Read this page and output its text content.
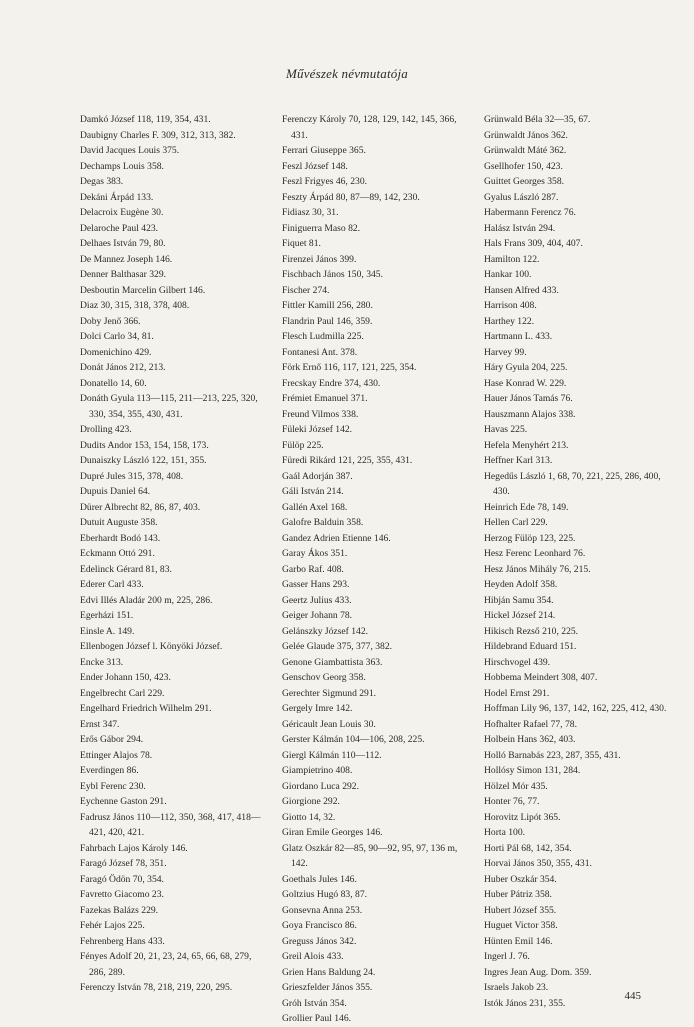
Művészek névmutatója
Damkó József 118, 119, 354, 431.
Daubigny Charles F. 309, 312, 313, 382.
David Jacques Louis 375.
Dechamps Louis 358.
Degas 383.
Dekáni Árpád 133.
Delacroix Eugène 30.
Delaroche Paul 423.
Delhaes István 79, 80.
De Mannez Joseph 146.
Denner Balthasar 329.
Desboutin Marcelin Gilbert 146.
Diaz 30, 315, 318, 378, 408.
Doby Jenő 366.
Dolci Carlo 34, 81.
Domenichino 429.
Donát János 212, 213.
Donatello 14, 60.
Donáth Gyula 113—115, 211—213, 225, 320, 330, 354, 355, 430, 431.
Drolling 423.
Dudits Andor 153, 154, 158, 173.
Dunaiszky László 122, 151, 355.
Dupré Jules 315, 378, 408.
Dupuis Daniel 64.
Dürer Albrecht 82, 86, 87, 403.
Dutuit Auguste 358.
Eberhardt Bodó 143.
Eckmann Ottó 291.
Edelinck Gérard 81, 83.
Ederer Carl 433.
Edvi Illés Aladár 200 m, 225, 286.
Egerházi 151.
Einsle A. 149.
Ellenbogen József l. Könyöki József.
Encke 313.
Ender Johann 150, 423.
Engelbrecht Carl 229.
Engelhard Friedrich Wilhelm 291.
Ernst 347.
Erős Gábor 294.
Ettinger Alajos 78.
Everdingen 86.
Eybl Ferenc 230.
Eychenne Gaston 291.
Fadrusz János 110—112, 350, 368, 417, 418—421, 420, 421.
Fahrbach Lajos Károly 146.
Faragó József 78, 351.
Faragó Ödön 70, 354.
Favretto Giacomo 23.
Fazekas Balázs 229.
Fehér Lajos 225.
Fehrenberg Hans 433.
Fényes Adolf 20, 21, 23, 24, 65, 66, 68, 279, 286, 289.
Ferenczy István 78, 218, 219, 220, 295.
Ferenczy Károly 70, 128, 129, 142, 145, 366, 431.
Ferrari Giuseppe 365.
Feszl József 148.
Feszl Frigyes 46, 230.
Feszty Árpád 80, 87—89, 142, 230.
Fidiasz 30, 31.
Finiguerra Maso 82.
Fiquet 81.
Firenzei János 399.
Fischbach János 150, 345.
Fischer 274.
Fittler Kamill 256, 280.
Flandrin Paul 146, 359.
Flesch Ludmilla 225.
Fontanesi Ant. 378.
Förk Ernő 116, 117, 121, 225, 354.
Frecskay Endre 374, 430.
Frémiet Emanuel 371.
Freund Vilmos 338.
Füleki József 142.
Fülöp 225.
Füredi Rikárd 121, 225, 355, 431.
Gaál Adorján 387.
Gáli István 214.
Gallén Axel 168.
Galofre Balduin 358.
Gandez Adrien Etienne 146.
Garay Ákos 351.
Garbo Raf. 408.
Gasser Hans 293.
Geertz Julius 433.
Geiger Johann 78.
Gelánszky József 142.
Gelée Glaude 375, 377, 382.
Genone Giambattista 363.
Genschov Georg 358.
Gerechter Sigmund 291.
Gergely Imre 142.
Géricault Jean Louis 30.
Gerster Kálmán 104—106, 208, 225.
Giergl Kálmán 110—112.
Giampietrino 408.
Giordano Luca 292.
Giorgione 292.
Giotto 14, 32.
Giran Emile Georges 146.
Glatz Oszkár 82—85, 90—92, 95, 97, 136 m, 142.
Goethals Jules 146.
Goltzius Hugó 83, 87.
Gonsevna Anna 253.
Goya Francisco 86.
Greguss János 342.
Greil Alois 433.
Grien Hans Baldung 24.
Grieszfelder János 355.
Gróh István 354.
Grollier Paul 146.
Grünwald Béla 32—35, 67.
Grünwaldt János 362.
Grünwaldt Máté 362.
Gsellhofer 150, 423.
Guittet Georges 358.
Gyalus László 287.
Habermann Ferencz 76.
Halász István 294.
Hals Frans 309, 404, 407.
Hamilton 122.
Hankar 100.
Hansen Alfred 433.
Harrison 408.
Harthey 122.
Hartmann L. 433.
Harvey 99.
Háry Gyula 204, 225.
Hase Konrad W. 229.
Hauer János Tamás 76.
Hauszmann Alajos 338.
Havas 225.
Hefela Menyhért 213.
Heffner Karl 313.
Hegedűs László 1, 68, 70, 221, 225, 286, 400, 430.
Heinrich Ede 78, 149.
Hellen Carl 229.
Herzog Fülöp 123, 225.
Hesz Ferenc Leonhard 76.
Hesz János Mihály 76, 215.
Heyden Adolf 358.
Hibján Samu 354.
Hickel József 214.
Hikisch Rezső 210, 225.
Hildebrand Eduard 151.
Hirschvogel 439.
Hobbema Meindert 308, 407.
Hodel Ernst 291.
Hoffman Lily 96, 137, 142, 162, 225, 412, 430.
Hofhalter Rafael 77, 78.
Holbein Hans 362, 403.
Holló Barnabás 223, 287, 355, 431.
Hollósy Simon 131, 284.
Hölzel Mór 435.
Honter 76, 77.
Horovitz Lipót 365.
Horta 100.
Horti Pál 68, 142, 354.
Horvai János 350, 355, 431.
Huber Oszkár 354.
Huber Pátriz 358.
Hubert József 355.
Huguet Victor 358.
Hünten Emil 146.
Ingerl J. 76.
Ingres Jean Aug. Dom. 359.
Israels Jakob 23.
Istók János 231, 355.
445
